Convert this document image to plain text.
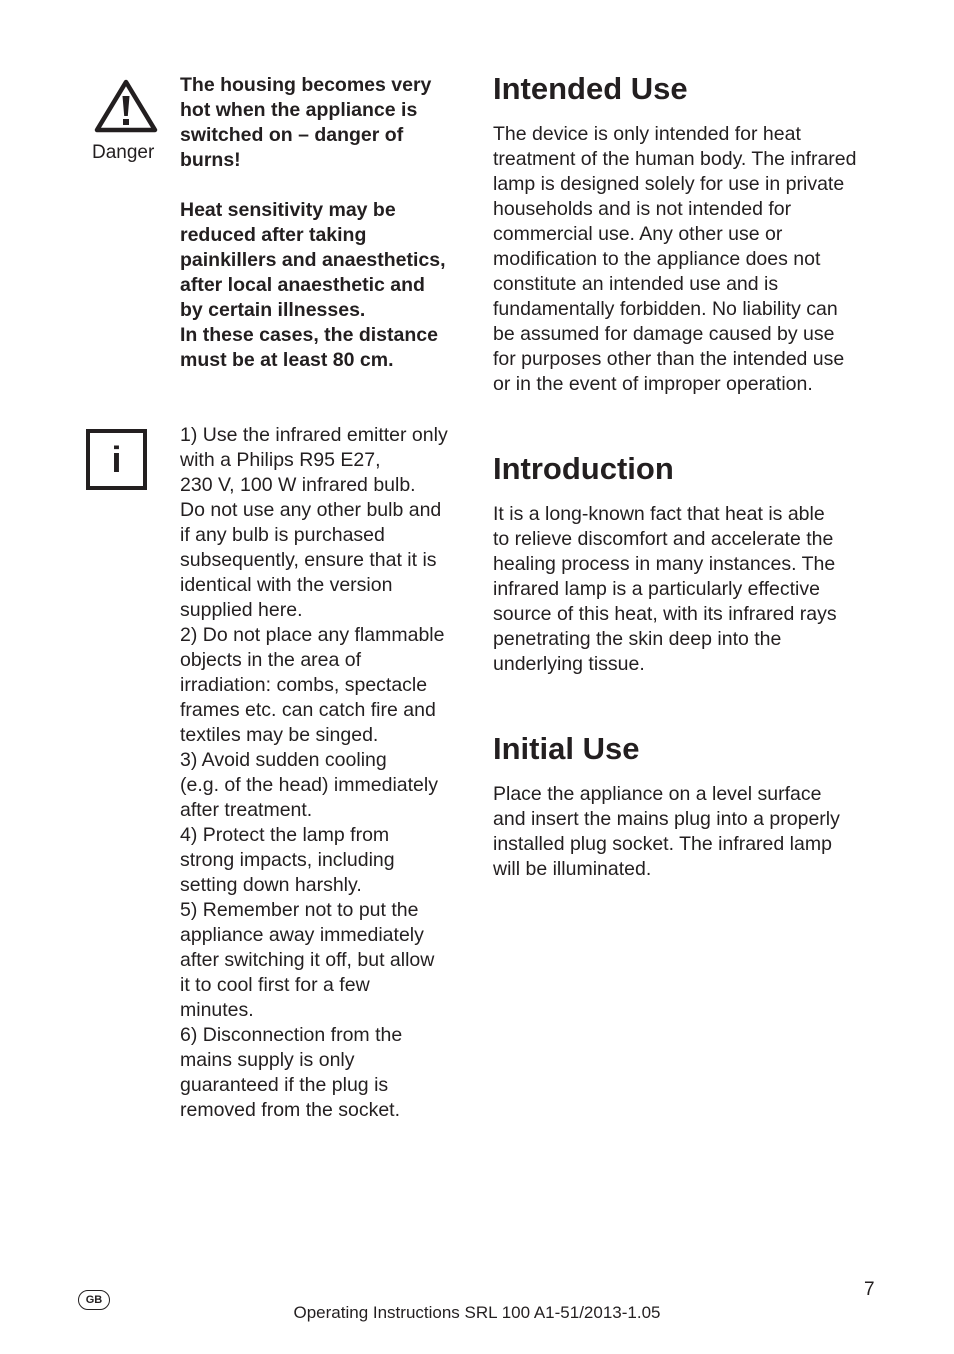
Danger
The housing becomes very
hot when the appliance is
switched on – danger of
burns!
Heat sensitivity may be
reduced after taking
painkillers and anaesthetics,
after local anaesthetic and
by certain illnesses.
In these cases, the distance
must be at least 80 cm.
i
1) Use the infrared emitter only
with a Philips R95 E27,
230 V, 100 W infrared bulb.
Do not use any other bulb and
if any bulb is purchased
subsequently, ensure that it is
identical with the version
supplied here.
2) Do not place any flammable
objects in the area of
irradiation: combs, spectacle
frames etc. can catch fire and
textiles may be singed.
3) Avoid sudden cooling
(e.g. of the head) immediately
after treatment.
4) Protect the lamp from
strong impacts, including
setting down harshly.
5) Remember not to put the
appliance away immediately
after switching it off, but allow
it to cool first for a few
minutes.
6) Disconnection from the
mains supply is only
guaranteed if the plug is
removed from the socket.
Intended Use
The device is only intended for heat
treatment of the human body. The infrared
lamp is designed solely for use in private
households and is not intended for
commercial use. Any other use or
modification to the appliance does not
constitute an intended use and is
fundamentally forbidden. No liability can
be assumed for damage caused by use
for purposes other than the intended use
or in the event of improper operation.
Introduction
It is a long-known fact that heat is able
to relieve discomfort and accelerate the
healing process in many instances. The
infrared lamp is a particularly effective
source of this heat, with its infrared rays
penetrating the skin deep into the
underlying tissue.
Initial Use
Place the appliance on a level surface
and insert the mains plug into a properly
installed plug socket. The infrared lamp
will be illuminated.
7
GB
Operating Instructions SRL 100 A1-51/2013-1.05
